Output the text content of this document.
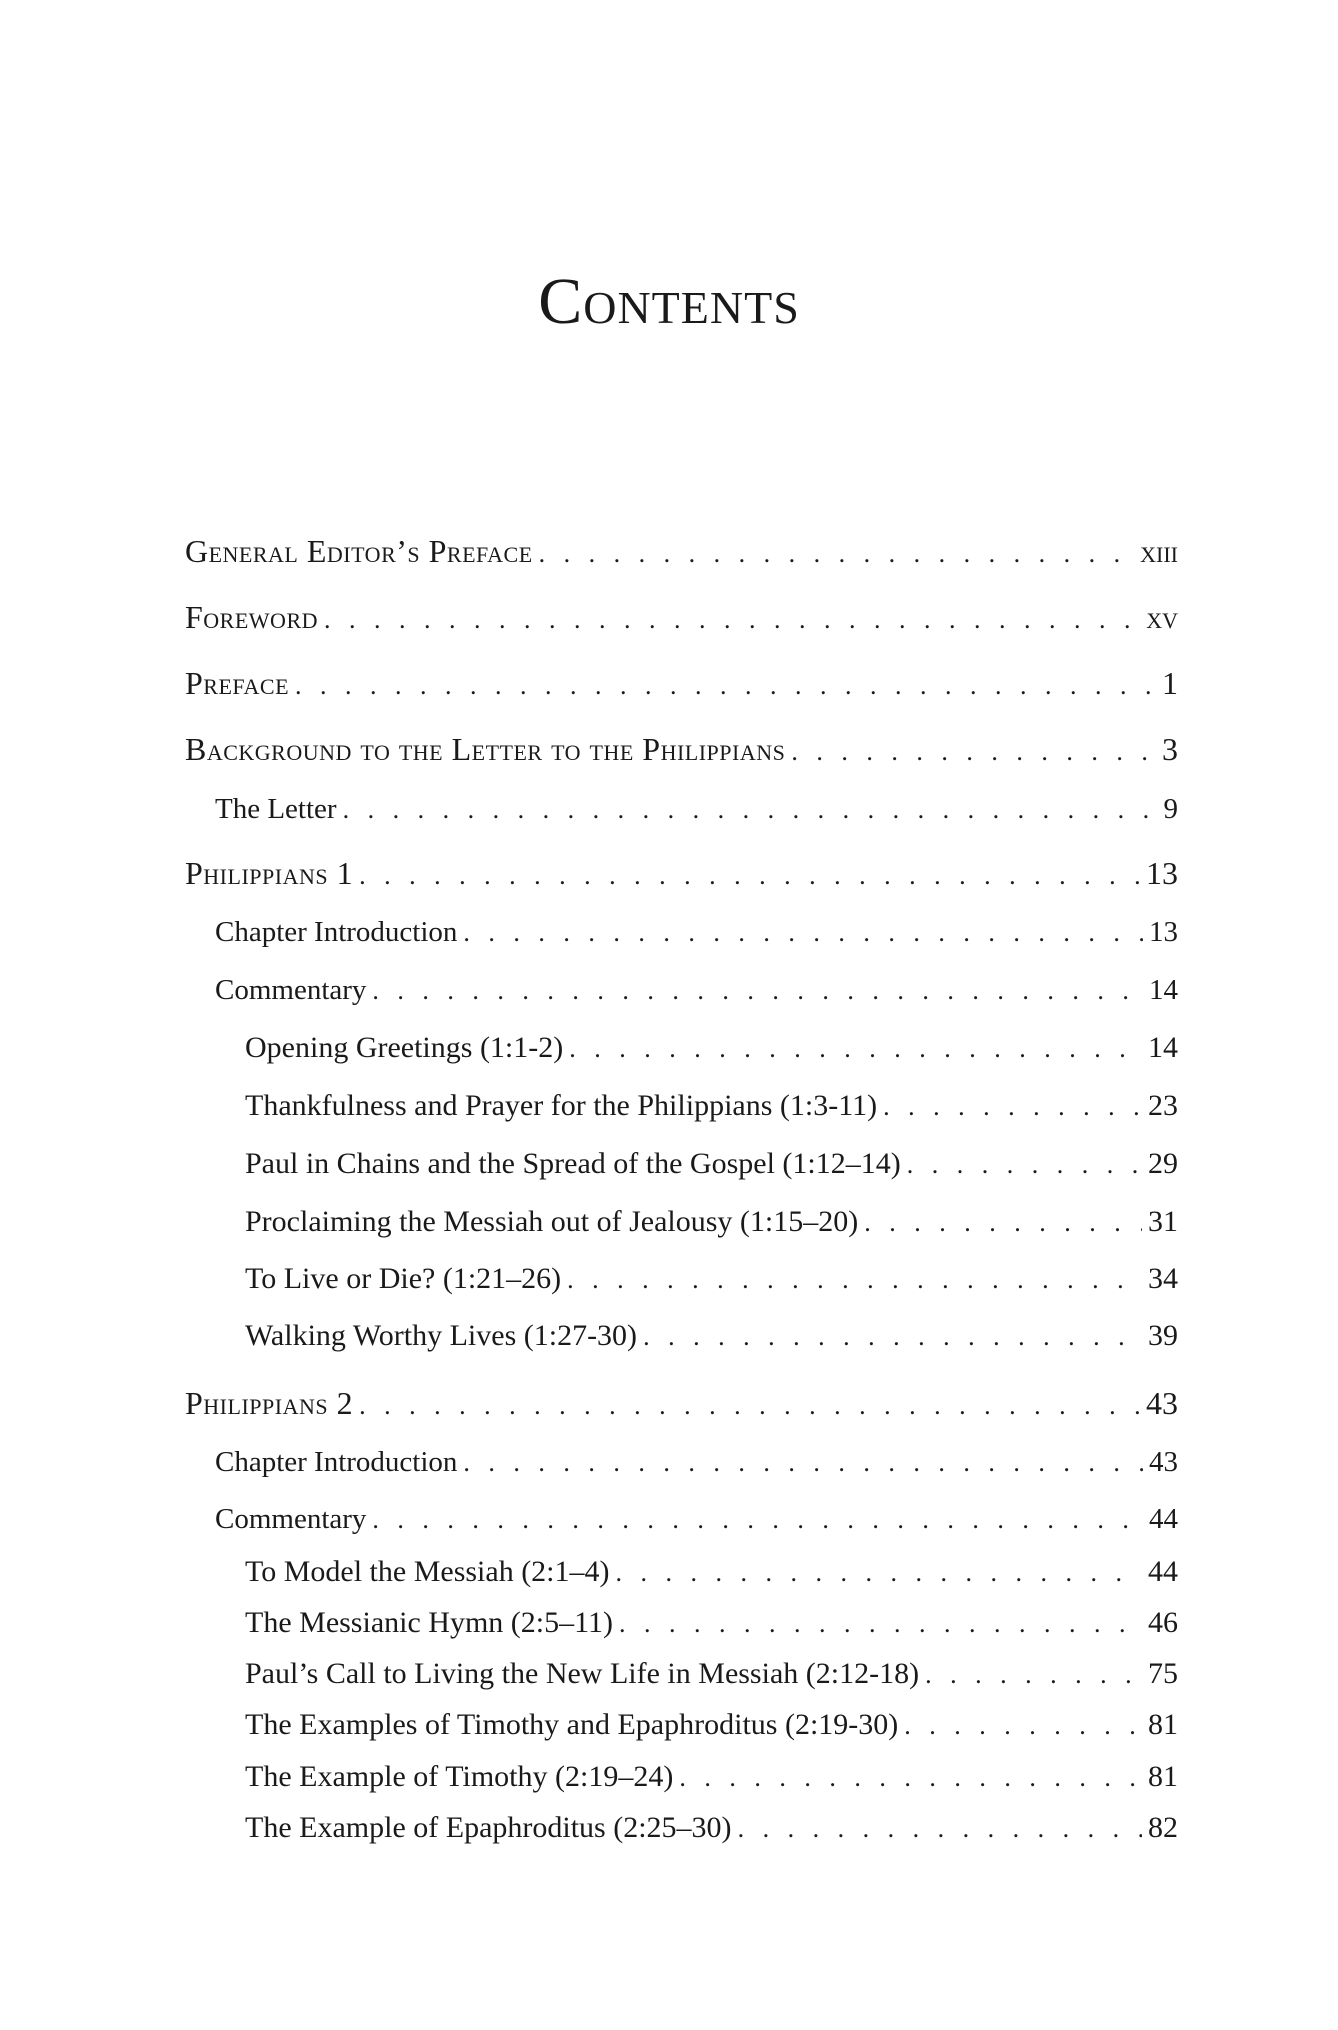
Contents
General Editor’s Preface . . .	xiii
Foreword . . .	xv
Preface . . .	1
Background to the Letter to the Philippians . . .	3
The Letter . . .	9
Philippians 1 . . .	13
Chapter Introduction . . .	13
Commentary . . .	14
Opening Greetings (1:1-2) . . .	14
Thankfulness and Prayer for the Philippians (1:3-11) . . .	23
Paul in Chains and the Spread of the Gospel (1:12–14) . . .	29
Proclaiming the Messiah out of Jealousy (1:15–20) . . .	31
To Live or Die? (1:21–26) . . .	34
Walking Worthy Lives (1:27-30) . . .	39
Philippians 2 . . .	43
Chapter Introduction . . .	43
Commentary . . .	44
To Model the Messiah (2:1–4) . . .	44
The Messianic Hymn (2:5–11) . . .	46
Paul’s Call to Living the New Life in Messiah (2:12-18) . . .	75
The Examples of Timothy and Epaphroditus (2:19-30) . . .	81
The Example of Timothy (2:19–24) . . .	81
The Example of Epaphroditus (2:25–30) . . .	82
